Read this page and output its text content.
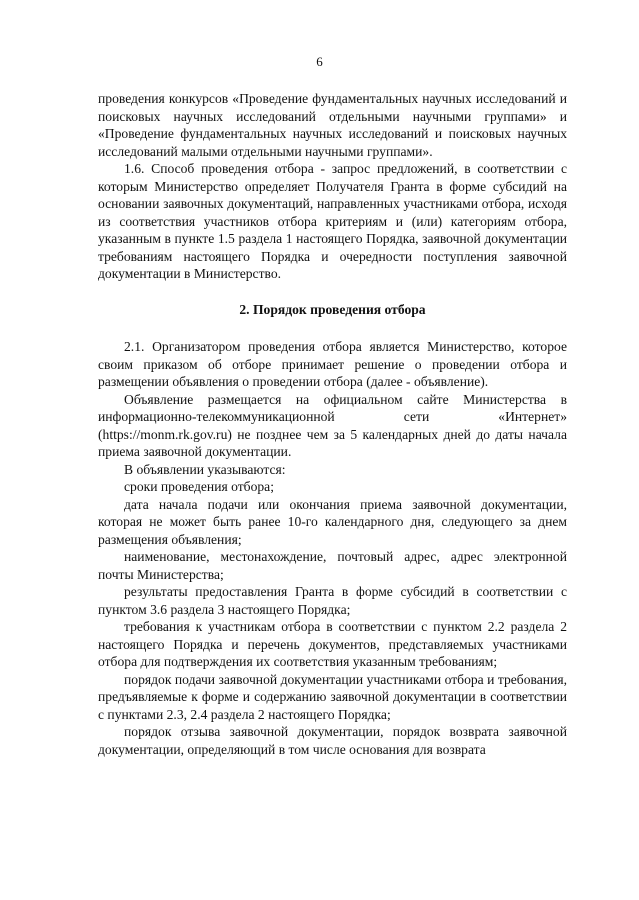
6

проведения конкурсов «Проведение фундаментальных научных исследований и поисковых научных исследований отдельными научными группами» и «Проведение фундаментальных научных исследований и поисковых научных исследований малыми отдельными научными группами».

1.6. Способ проведения отбора - запрос предложений, в соответствии с которым Министерство определяет Получателя Гранта в форме субсидий на основании заявочных документаций, направленных участниками отбора, исходя из соответствия участников отбора критериям и (или) категориям отбора, указанным в пункте 1.5 раздела 1 настоящего Порядка, заявочной документации требованиям настоящего Порядка и очередности поступления заявочной документации в Министерство.

2. Порядок проведения отбора

2.1. Организатором проведения отбора является Министерство, которое своим приказом об отборе принимает решение о проведении отбора и размещении объявления о проведении отбора (далее - объявление).

Объявление размещается на официальном сайте Министерства в информационно-телекоммуникационной сети «Интернет» (https://monm.rk.gov.ru) не позднее чем за 5 календарных дней до даты начала приема заявочной документации.

В объявлении указываются:

сроки проведения отбора;

дата начала подачи или окончания приема заявочной документации, которая не может быть ранее 10-го календарного дня, следующего за днем размещения объявления;

наименование, местонахождение, почтовый адрес, адрес электронной почты Министерства;

результаты предоставления Гранта в форме субсидий в соответствии с пунктом 3.6 раздела 3 настоящего Порядка;

требования к участникам отбора в соответствии с пунктом 2.2 раздела 2 настоящего Порядка и перечень документов, представляемых участниками отбора для подтверждения их соответствия указанным требованиям;

порядок подачи заявочной документации участниками отбора и требования, предъявляемые к форме и содержанию заявочной документации в соответствии с пунктами 2.3, 2.4 раздела 2 настоящего Порядка;

порядок отзыва заявочной документации, порядок возврата заявочной документации, определяющий в том числе основания для возврата
